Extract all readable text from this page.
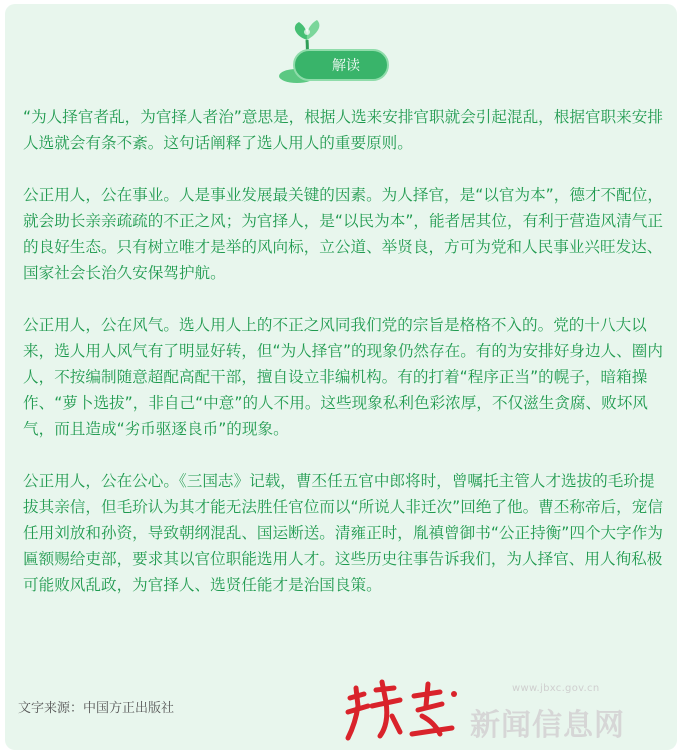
解读

“为人择官者乱，为官择人者治”意思是，根据人选来安排官职就会引起混乱，根据官职来安排人选就会有条不紊。这句话阐释了选人用人的重要原则。

公正用人，公在事业。人是事业发展最关键的因素。为人择官，是“以官为本”，德才不配位，就会助长亲亲疏疏的不正之风；为官择人，是“以民为本”，能者居其位，有利于营造风清气正的良好生态。只有树立唯才是举的风向标，立公道、举贤良，方可为党和人民事业兴旺发达、国家社会长治久安保驾护航。

公正用人，公在风气。选人用人上的不正之风同我们党的宗旨是格格不入的。党的十八大以来，选人用人风气有了明显好转，但“为人择官”的现象仍然存在。有的为安排好身边人、圈内人，不按编制随意超配高配干部，擅自设立非编机构。有的打着“程序正当”的幌子，暗箱操作、“萝卜选拔”，非自己“中意”的人不用。这些现象私利色彩浓厚，不仅滋生贪腐、败坏风气，而且造成“劣币驱逐良币”的现象。

公正用人，公在公心。《三国志》记载，曹丕任五官中郎将时，曾嘱托主管人才选拔的毛玠提拔其亲信，但毛玠认为其才能无法胜任官位而以“所说人非迁次”回绝了他。曹丕称帝后，宠信任用刘放和孙资，导致朝纲混乱、国运断送。清雍正时，胤禛曾御书“公正持衡”四个大字作为匾额赐给吏部，要求其以官位职能选用人才。这些历史往事告诉我们，为人择官、用人徇私极可能败风乱政，为官择人、选贤任能才是治国良策。

文字来源：中国方正出版社
www.jbxc.gov.cn
新闻信息网
